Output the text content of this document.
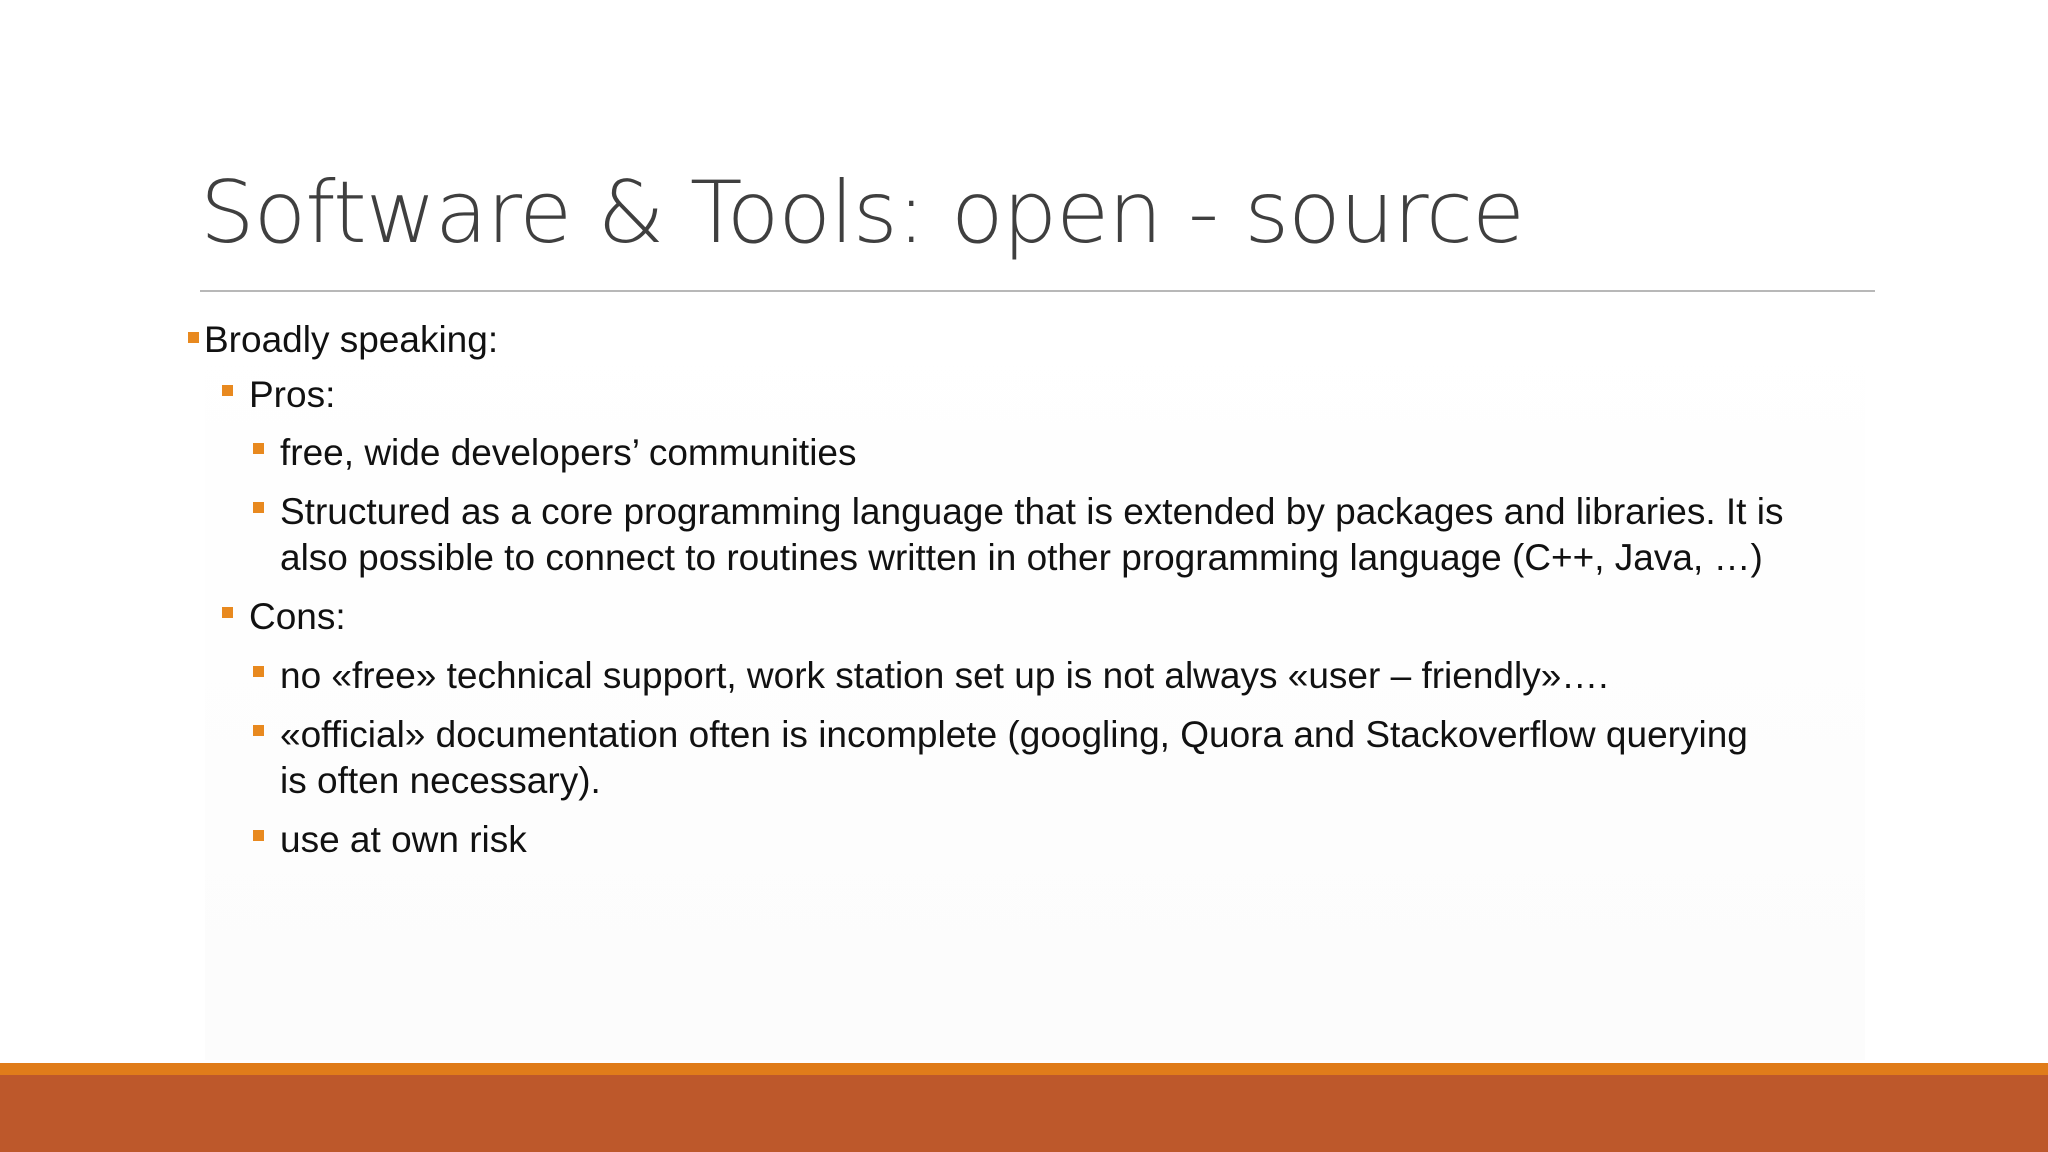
Software & Tools: open - source
Broadly speaking:
Pros:
free, wide developers’ communities
Structured as a core programming language that is extended by packages and libraries. It is
also possible to connect to routines written in other programming language (C++, Java, …)
Cons:
no «free» technical support, work station set up is not always «user – friendly»….
«official» documentation often is incomplete (googling, Quora and Stackoverflow querying
is often necessary).
use at own risk
